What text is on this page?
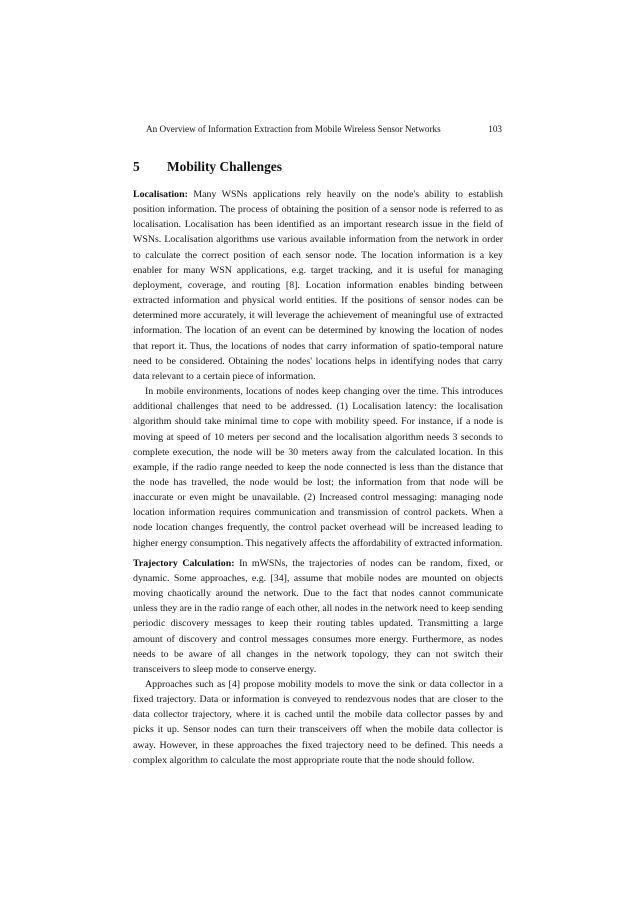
An Overview of Information Extraction from Mobile Wireless Sensor Networks	103
5 Mobility Challenges

Localisation: Many WSNs applications rely heavily on the node's ability to establish position information. The process of obtaining the position of a sensor node is referred to as localisation. Localisation has been identified as an important research issue in the field of WSNs. Localisation algorithms use various available information from the network in order to calculate the correct position of each sensor node. The location information is a key enabler for many WSN applications, e.g. target tracking, and it is useful for managing deployment, coverage, and routing [8]. Location information enables binding between extracted information and physical world entities. If the positions of sensor nodes can be determined more accurately, it will leverage the achievement of meaningful use of extracted information. The location of an event can be determined by knowing the location of nodes that report it. Thus, the locations of nodes that carry information of spatio-temporal nature need to be considered. Obtaining the nodes' locations helps in identifying nodes that carry data relevant to a certain piece of information.

In mobile environments, locations of nodes keep changing over the time. This introduces additional challenges that need to be addressed. (1) Localisation latency: the localisation algorithm should take minimal time to cope with mobility speed. For instance, if a node is moving at speed of 10 meters per second and the localisation algorithm needs 3 seconds to complete execution, the node will be 30 meters away from the calculated location. In this example, if the radio range needed to keep the node connected is less than the distance that the node has travelled, the node would be lost; the information from that node will be inaccurate or even might be unavailable. (2) Increased control messaging: managing node location information requires communication and transmission of control packets. When a node location changes frequently, the control packet overhead will be increased leading to higher energy consumption. This negatively affects the affordability of extracted information.

Trajectory Calculation: In mWSNs, the trajectories of nodes can be random, fixed, or dynamic. Some approaches, e.g. [34], assume that mobile nodes are mounted on objects moving chaotically around the network. Due to the fact that nodes cannot communicate unless they are in the radio range of each other, all nodes in the network need to keep sending periodic discovery messages to keep their routing tables updated. Transmitting a large amount of discovery and control messages consumes more energy. Furthermore, as nodes needs to be aware of all changes in the network topology, they can not switch their transceivers to sleep mode to conserve energy.

Approaches such as [4] propose mobility models to move the sink or data collector in a fixed trajectory. Data or information is conveyed to rendezvous nodes that are closer to the data collector trajectory, where it is cached until the mobile data collector passes by and picks it up. Sensor nodes can turn their transceivers off when the mobile data collector is away. However, in these approaches the fixed trajectory need to be defined. This needs a complex algorithm to calculate the most appropriate route that the node should follow.
